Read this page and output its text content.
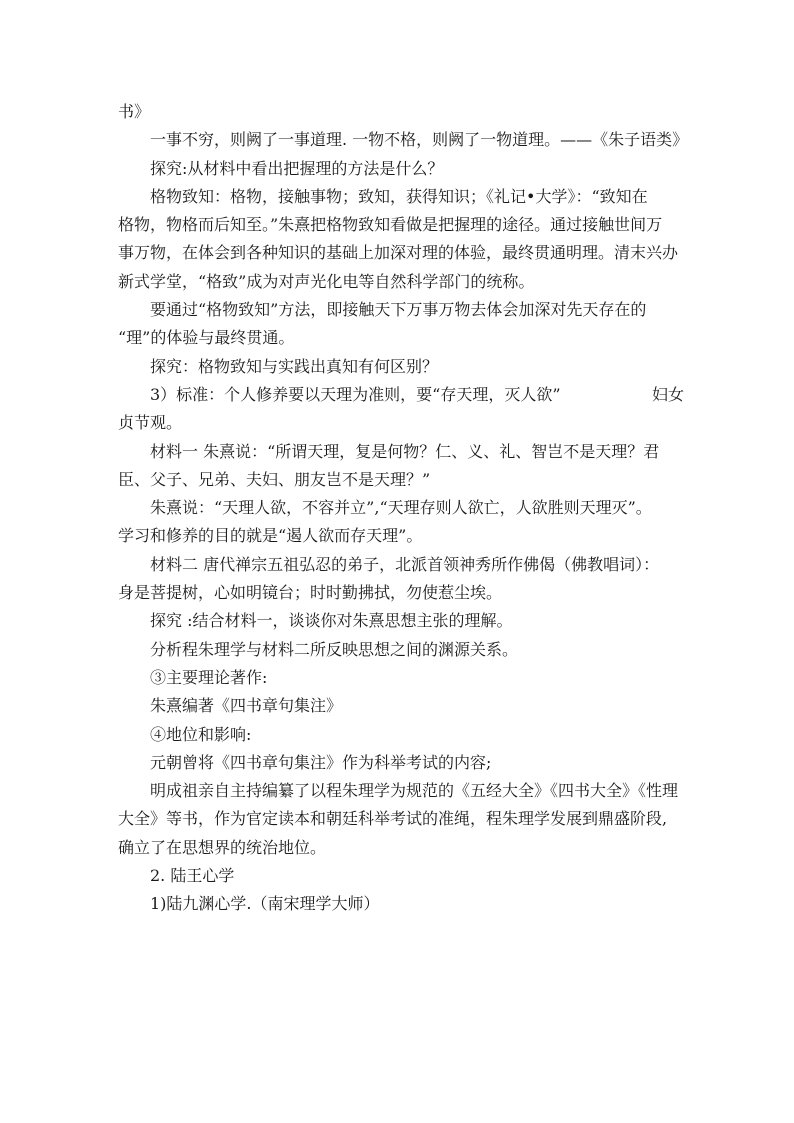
书》

一事不穷，则阙了一事道理. 一物不格，则阙了一物道理。——《朱子语类》

探究:从材料中看出把握理的方法是什么？

格物致知：格物，接触事物；致知，获得知识；《礼记•大学》：“致知在

格物，物格而后知至。”朱熹把格物致知看做是把握理的途径。通过接触世间万

事万物，在体会到各种知识的基础上加深对理的体验，最终贯通明理。清末兴办

新式学堂，“格致”成为对声光化电等自然科学部门的统称。

要通过“格物致知”方法，即接触天下万事万物去体会加深对先天存在的

“理”的体验与最终贯通。

探究：格物致知与实践出真知有何区别？

3）标准：个人修养要以天理为准则，要“存天理，灭人欲”	妇女

贞节观。

材料一 朱熹说：“所谓天理，复是何物？仁、义、礼、智岂不是天理？君

臣、父子、兄弟、夫妇、朋友岂不是天理？”

朱熹说：“天理人欲，不容并立”,“天理存则人欲亡，人欲胜则天理灭”。

学习和修养的目的就是“遏人欲而存天理”。

材料二 唐代禅宗五祖弘忍的弟子，北派首领神秀所作佛偈（佛教唱词）：

身是菩提树，心如明镜台；时时勤拂拭，勿使惹尘埃。

探究 :结合材料一，谈谈你对朱熹思想主张的理解。

分析程朱理学与材料二所反映思想之间的渊源关系。

③主要理论著作:

朱熹编著《四书章句集注》

④地位和影响:

元朝曾将《四书章句集注》作为科举考试的内容;

明成祖亲自主持编纂了以程朱理学为规范的《五经大全》《四书大全》《性理

大全》等书，作为官定读本和朝廷科举考试的准绳，程朱理学发展到鼎盛阶段,

确立了在思想界的统治地位。

2. 陆王心学

1)陆九渊心学.（南宋理学大师）
